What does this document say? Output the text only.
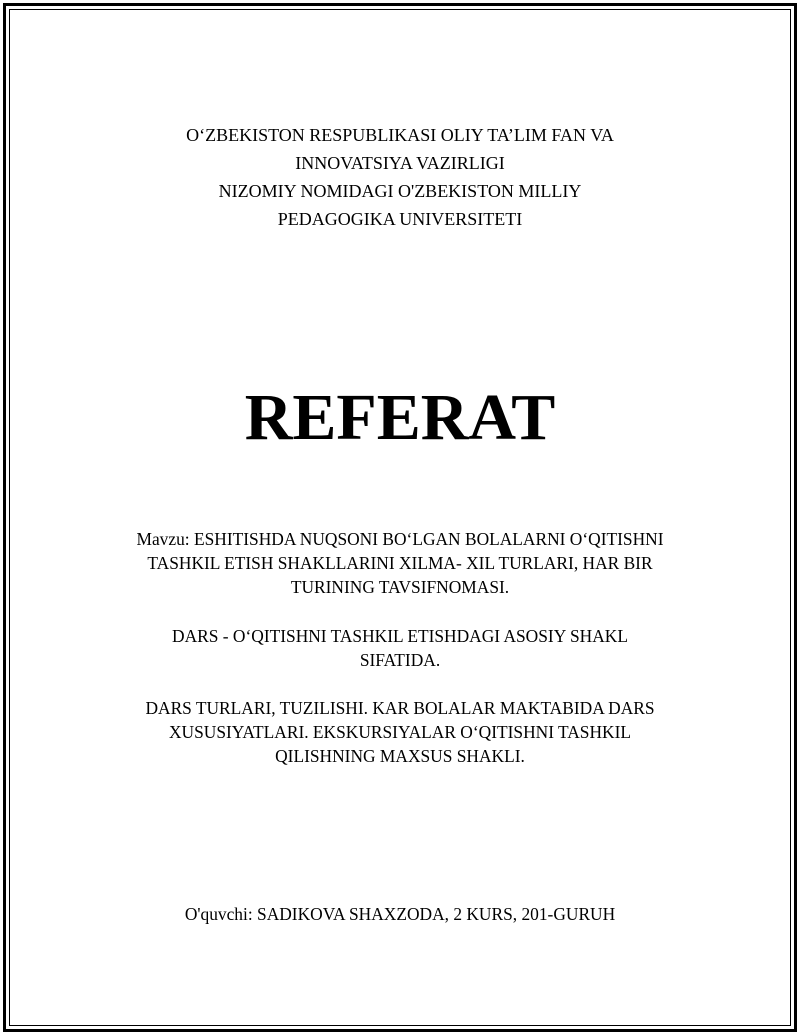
O‘ZBEKISTON RESPUBLIKASI OLIY TA’LIM FAN VA
INNOVATSIYA VAZIRLIGI
NIZOMIY NOMIDAGI O'ZBEKISTON MILLIY
PEDAGOGIKA UNIVERSITETI
REFERAT
Mavzu: ESHITISHDA NUQSONI BO‘LGAN BOLALARNI O‘QITISHNI
TASHKIL ETISH SHAKLLARINI XILMA- XIL TURLARI, HAR BIR
TURINING TAVSIFNOMASI.
DARS - O‘QITISHNI TASHKIL ETISHDAGI ASOSIY SHAKL
SIFATIDA.
DARS TURLARI, TUZILISHI. KAR BOLALAR MAKTABIDA DARS
XUSUSIYATLARI. EKSKURSIYALAR O‘QITISHNI TASHKIL
QILISHNING MAXSUS SHAKLI.
O'quvchi: SADIKOVA SHAXZODA, 2 KURS, 201-GURUH
